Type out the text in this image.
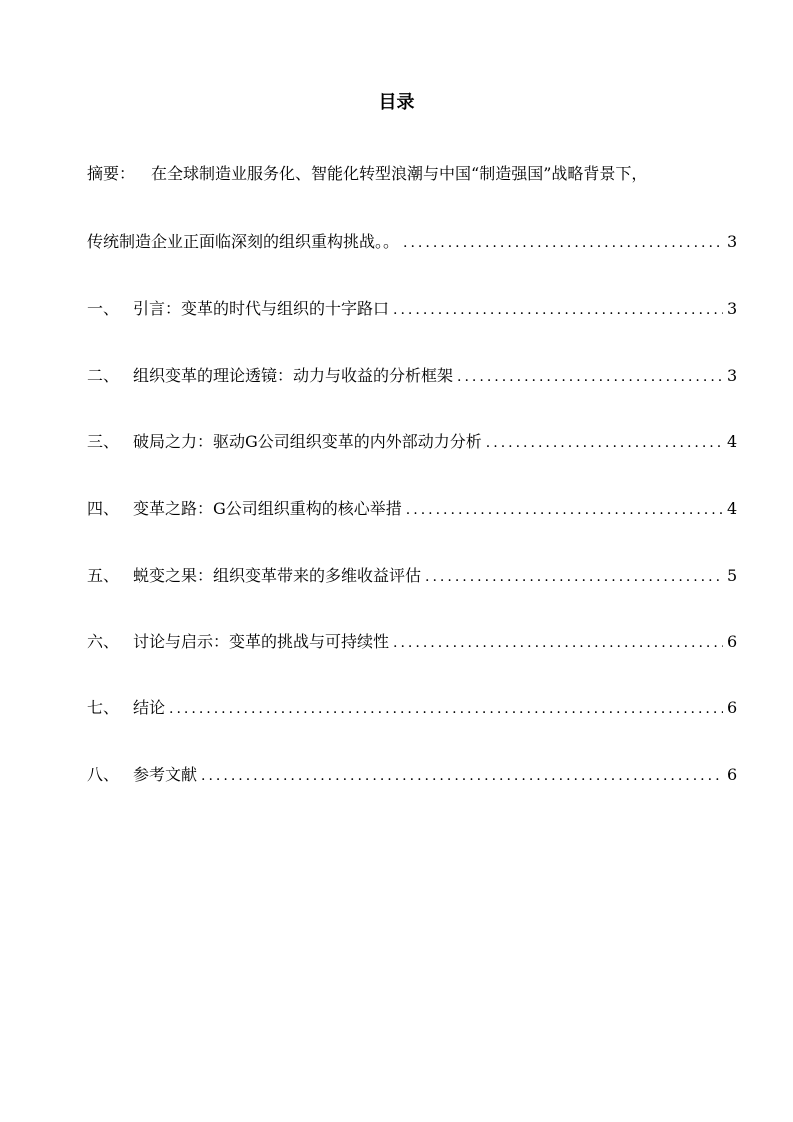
目录
摘要： 在全球制造业服务化、智能化转型浪潮与中国“制造强国”战略背景下，
传统制造企业正面临深刻的组织重构挑战。。 .....	3
一、 引言：变革的时代与组织的十字路口 .....	3
二、 组织变革的理论透镜：动力与收益的分析框架 .....	3
三、 破局之力：驱动G公司组织变革的内外部动力分析 .....	4
四、 变革之路：G公司组织重构的核心举措 .....	4
五、 蜕变之果：组织变革带来的多维收益评估 .....	5
六、 讨论与启示：变革的挑战与可持续性 .....	6
七、 结论 .....	6
八、 参考文献 .....	6
